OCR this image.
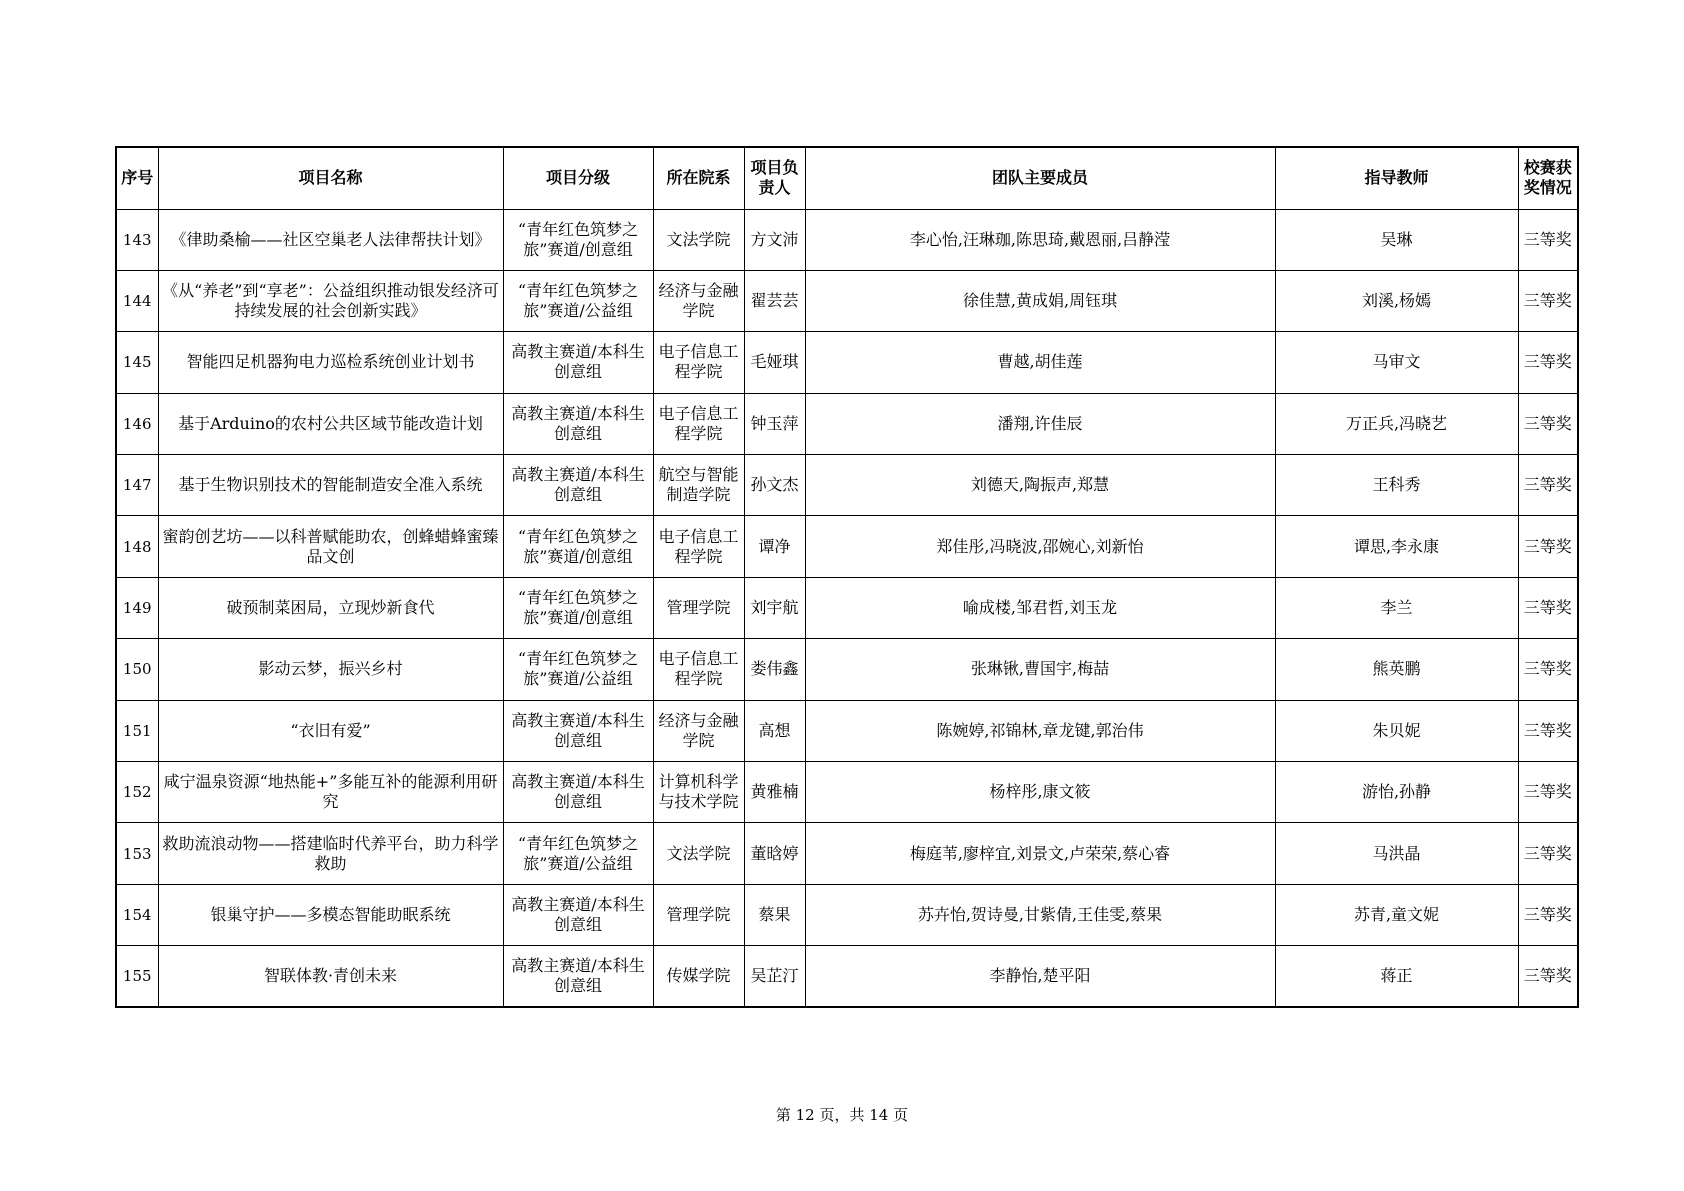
序号	项目名称	项目分级	所在院系	项目负责人	团队主要成员	指导教师	校赛获奖情况
143	《律助桑榆——社区空巢老人法律帮扶计划》	“青年红色筑梦之旅”赛道/创意组	文法学院	方文沛	李心怡,汪琳珈,陈思琦,戴恩丽,吕静滢	吴琳	三等奖
144	《从“养老”到“享老”：公益组织推动银发经济可持续发展的社会创新实践》	“青年红色筑梦之旅”赛道/公益组	经济与金融学院	翟芸芸	徐佳慧,黄成娟,周钰琪	刘溪,杨嫣	三等奖
145	智能四足机器狗电力巡检系统创业计划书	高教主赛道/本科生创意组	电子信息工程学院	毛娅琪	曹越,胡佳莲	马审文	三等奖
146	基于Arduino的农村公共区域节能改造计划	高教主赛道/本科生创意组	电子信息工程学院	钟玉萍	潘翔,许佳辰	万正兵,冯晓艺	三等奖
147	基于生物识别技术的智能制造安全准入系统	高教主赛道/本科生创意组	航空与智能制造学院	孙文杰	刘德天,陶振声,郑慧	王科秀	三等奖
148	蜜韵创艺坊——以科普赋能助农，创蜂蜡蜂蜜臻品文创	“青年红色筑梦之旅”赛道/创意组	电子信息工程学院	谭净	郑佳彤,冯晓波,邵婉心,刘新怡	谭思,李永康	三等奖
149	破预制菜困局，立现炒新食代	“青年红色筑梦之旅”赛道/创意组	管理学院	刘宇航	喻成楼,邹君哲,刘玉龙	李兰	三等奖
150	影动云梦，振兴乡村	“青年红色筑梦之旅”赛道/公益组	电子信息工程学院	娄伟鑫	张琳锹,曹国宇,梅喆	熊英鹏	三等奖
151	“衣旧有爱”	高教主赛道/本科生创意组	经济与金融学院	高想	陈婉婷,祁锦林,章龙键,郭治伟	朱贝妮	三等奖
152	咸宁温泉资源“地热能+”多能互补的能源利用研究	高教主赛道/本科生创意组	计算机科学与技术学院	黄雅楠	杨梓彤,康文筱	游怡,孙静	三等奖
153	救助流浪动物——搭建临时代养平台，助力科学救助	“青年红色筑梦之旅”赛道/公益组	文法学院	董晗婷	梅庭苇,廖梓宜,刘景文,卢荣荣,蔡心睿	马洪晶	三等奖
154	银巢守护——多模态智能助眠系统	高教主赛道/本科生创意组	管理学院	蔡果	苏卉怡,贺诗曼,甘紫倩,王佳雯,蔡果	苏青,童文妮	三等奖
155	智联体教·青创未来	高教主赛道/本科生创意组	传媒学院	吴芷汀	李静怡,楚平阳	蒋正	三等奖
第 12 页，共 14 页
